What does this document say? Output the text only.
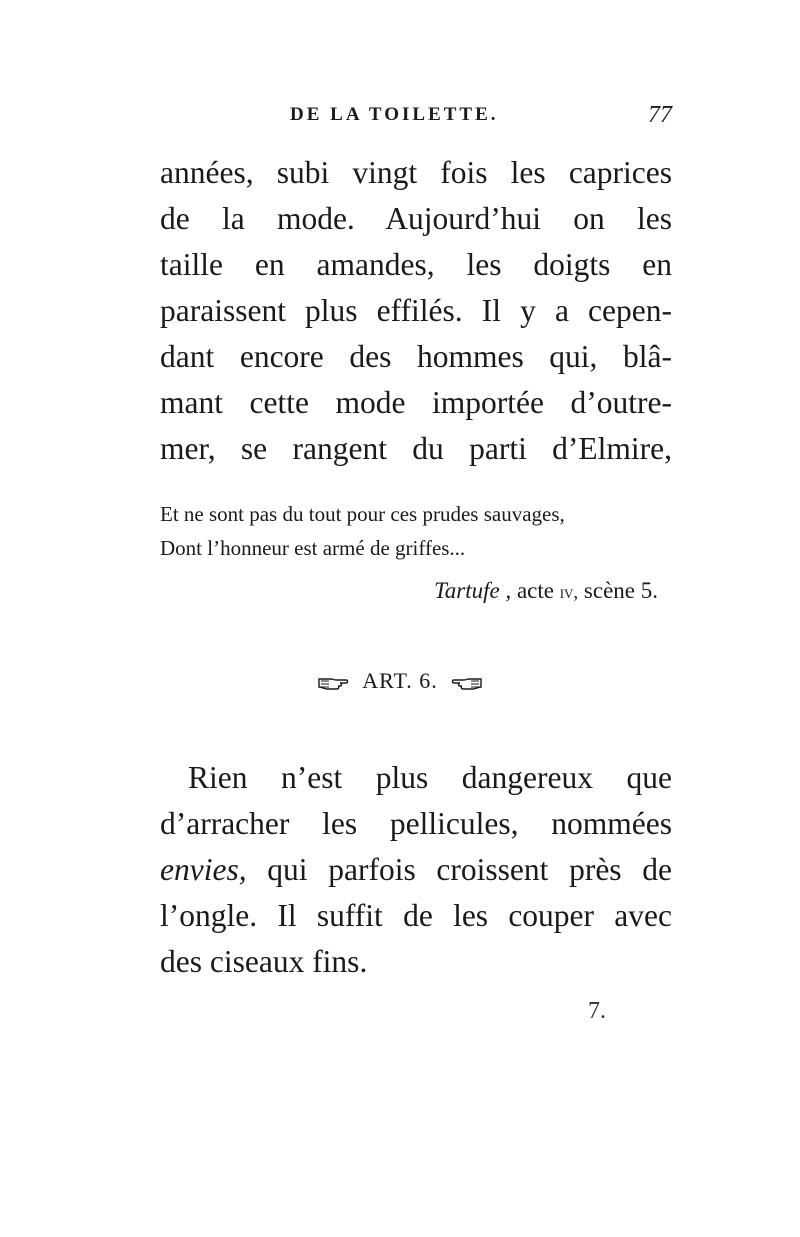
DE LA TOILETTE.	77
années, subi vingt fois les caprices
de la mode. Aujourd’hui on les
taille en amandes, les doigts en
paraissent plus effilés. Il y a cepen-
dant encore des hommes qui, blâ-
mant cette mode importée d’outre-
mer, se rangent du parti d’Elmire,
Et ne sont pas du tout pour ces prudes sauvages,
Dont l’honneur est armé de griffes...
Tartufe , acte iv, scène 5.
ART. 6.
Rien n’est plus dangereux que
d’arracher les pellicules, nommées
envies, qui parfois croissent près de
l’ongle. Il suffit de les couper avec
des ciseaux fins.
7.
